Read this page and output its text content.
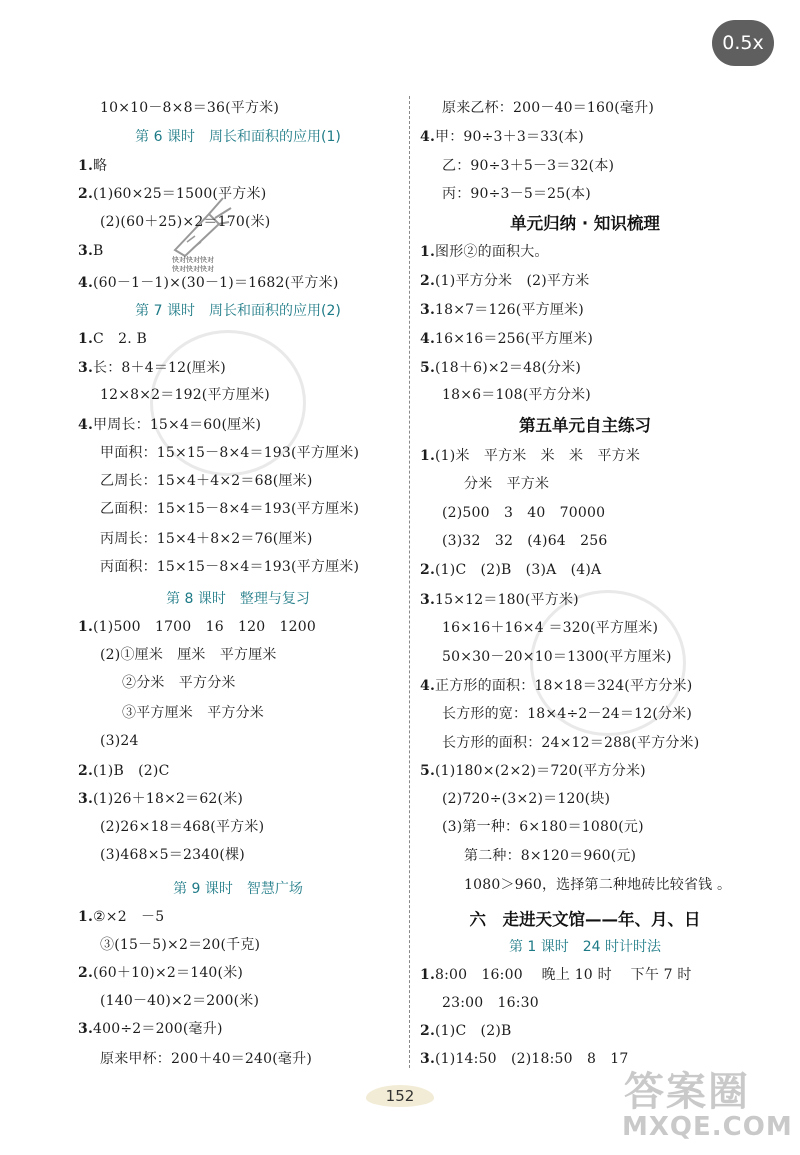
0.5x
快对快对快对
快对快对快对
10×10－8×8＝36(平方米)
第 6 课时　周长和面积的应用(1)
1.略
2.(1)60×25＝1500(平方米)
(2)(60＋25)×2＝170(米)
3.B
4.(60－1－1)×(30－1)＝1682(平方米)
第 7 课时　周长和面积的应用(2)
1.C　2. B
3.长：8＋4＝12(厘米)
12×8×2＝192(平方厘米)
4.甲周长：15×4＝60(厘米)
甲面积：15×15－8×4＝193(平方厘米)
乙周长：15×4＋4×2＝68(厘米)
乙面积：15×15－8×4＝193(平方厘米)
丙周长：15×4＋8×2＝76(厘米)
丙面积：15×15－8×4＝193(平方厘米)
第 8 课时　整理与复习
1.(1)500　1700　16　120　1200
(2)①厘米　厘米　平方厘米
②分米　平方分米
③平方厘米　平方分米
(3)24
2.(1)B　(2)C
3.(1)26＋18×2＝62(米)
(2)26×18＝468(平方米)
(3)468×5＝2340(棵)
第 9 课时　智慧广场
1.②×2　－5
③(15－5)×2＝20(千克)
2.(60＋10)×2＝140(米)
(140－40)×2＝200(米)
3.400÷2＝200(毫升)
原来甲杯：200＋40＝240(毫升)
原来乙杯：200－40＝160(毫升)
4.甲：90÷3＋3＝33(本)
乙：90÷3＋5－3＝32(本)
丙：90÷3－5＝25(本)
单元归纳 · 知识梳理
1.图形②的面积大。
2.(1)平方分米　(2)平方米
3.18×7＝126(平方厘米)
4.16×16＝256(平方厘米)
5.(18＋6)×2＝48(分米)
18×6＝108(平方分米)
第五单元自主练习
1.(1)米　平方米　米　米　平方米
分米　平方米
(2)500　3　40　70000
(3)32　32　(4)64　256
2.(1)C　(2)B　(3)A　(4)A
3.15×12＝180(平方米)
16×16＋16×4 ＝320(平方厘米)
50×30－20×10＝1300(平方厘米)
4.正方形的面积：18×18＝324(平方分米)
长方形的宽：18×4÷2－24＝12(分米)
长方形的面积：24×12＝288(平方分米)
5.(1)180×(2×2)＝720(平方分米)
(2)720÷(3×2)＝120(块)
(3)第一种：6×180＝1080(元)
第二种：8×120＝960(元)
1080＞960，选择第二种地砖比较省钱 。
六　走进天文馆——年、月、日
第 1 课时　24 时计时法
1.8:00　16:00　 晚上 10 时　 下午 7 时
23:00　16:30
2.(1)C　(2)B
3.(1)14:50　(2)18:50　8　17
152	答案圈
MXQE.COM
